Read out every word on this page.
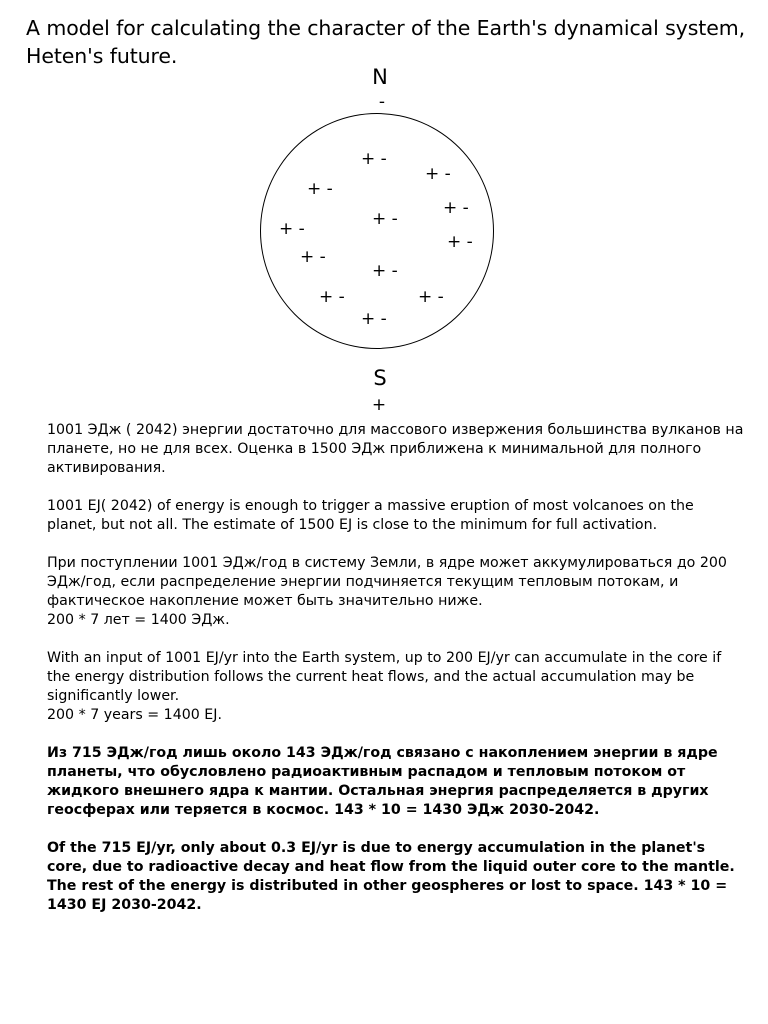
A model for calculating the character of the Earth's dynamical system, Heten's future.
N
-
+ -
+ -
+ -
+ -
+ -
+ -
+ -
+ -
+ -
+ -	+ -
+ -
S
+

1001 ЭДж ( 2042) энергии достаточно для массового извержения большинства вулканов на планете, но не для всех. Оценка в 1500 ЭДж приближена к минимальной для полного активирования.

1001 EJ( 2042) of energy is enough to trigger a massive eruption of most volcanoes on the planet, but not all. The estimate of 1500 EJ is close to the minimum for full activation.

При поступлении 1001 ЭДж/год в систему Земли, в ядре может аккумулироваться до 200 ЭДж/год, если распределение энергии подчиняется текущим тепловым потокам, и фактическое накопление может быть значительно ниже.

200 * 7 лет = 1400 ЭДж.

With an input of 1001 EJ/yr into the Earth system, up to 200 EJ/yr can accumulate in the core if the energy distribution follows the current heat flows, and the actual accumulation may be significantly lower.

200 * 7 years = 1400 EJ.

Из 715 ЭДж/год лишь около 143 ЭДж/год связано с накоплением энергии в ядре планеты, что обусловлено радиоактивным распадом и тепловым потоком от жидкого внешнего ядра к мантии. Остальная энергия распределяется в других геосферах или теряется в космос. 143 * 10 = 1430 ЭДж 2030-2042.

Of the 715 EJ/yr, only about 0.3 EJ/yr is due to energy accumulation in the planet's core, due to radioactive decay and heat flow from the liquid outer core to the mantle. The rest of the energy is distributed in other geospheres or lost to space. 143 * 10 = 1430 EJ 2030-2042.
